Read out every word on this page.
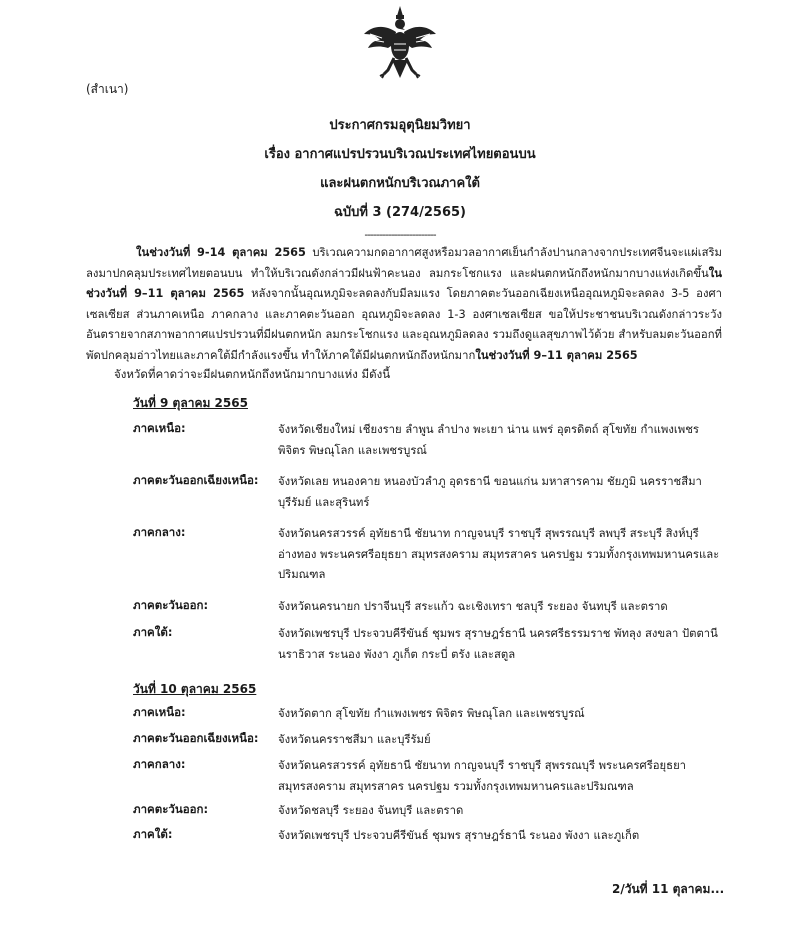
(สำเนา)
ประกาศกรมอุตุนิยมวิทยา
เรื่อง อากาศแปรปรวนบริเวณประเทศไทยตอนบน
และฝนตกหนักบริเวณภาคใต้
ฉบับที่ 3 (274/2565)
------------------------
ในช่วงวันที่ 9-14 ตุลาคม 2565 บริเวณความกดอากาศสูงหรือมวลอากาศเย็นกำลังปานกลางจากประเทศจีนจะแผ่เสริมลงมาปกคลุมประเทศไทยตอนบน ทำให้บริเวณดังกล่าวมีฝนฟ้าคะนอง ลมกระโชกแรง และฝนตกหนักถึงหนักมากบางแห่งเกิดขึ้นในช่วงวันที่ 9–11 ตุลาคม 2565 หลังจากนั้นอุณหภูมิจะลดลงกับมีลมแรง โดยภาคตะวันออกเฉียงเหนืออุณหภูมิจะลดลง 3-5 องศาเซลเซียส ส่วนภาคเหนือ ภาคกลาง และภาคตะวันออก อุณหภูมิจะลดลง 1-3 องศาเซลเซียส ขอให้ประชาชนบริเวณดังกล่าวระวังอันตรายจากสภาพอากาศแปรปรวนที่มีฝนตกหนัก ลมกระโชกแรง และอุณหภูมิลดลง รวมถึงดูแลสุขภาพไว้ด้วย สำหรับลมตะวันออกที่พัดปกคลุมอ่าวไทยและภาคใต้มีกำลังแรงขึ้น ทำให้ภาคใต้มีฝนตกหนักถึงหนักมากในช่วงวันที่ 9–11 ตุลาคม 2565
จังหวัดที่คาดว่าจะมีฝนตกหนักถึงหนักมากบางแห่ง มีดังนี้
วันที่ 9 ตุลาคม 2565
ภาคเหนือ:	จังหวัดเชียงใหม่ เชียงราย ลำพูน ลำปาง พะเยา น่าน แพร่ อุตรดิตถ์ สุโขทัย กำแพงเพชร พิจิตร พิษณุโลก และเพชรบูรณ์
ภาคตะวันออกเฉียงเหนือ: จังหวัดเลย หนองคาย หนองบัวลำภู อุดรธานี ขอนแก่น มหาสารคาม ชัยภูมิ นครราชสีมา บุรีรัมย์ และสุรินทร์
ภาคกลาง:	จังหวัดนครสวรรค์ อุทัยธานี ชัยนาท กาญจนบุรี ราชบุรี สุพรรณบุรี ลพบุรี สระบุรี สิงห์บุรี อ่างทอง พระนครศรีอยุธยา สมุทรสงคราม สมุทรสาคร นครปฐม รวมทั้งกรุงเทพมหานครและปริมณฑล
ภาคตะวันออก:	จังหวัดนครนายก ปราจีนบุรี สระแก้ว ฉะเชิงเทรา ชลบุรี ระยอง จันทบุรี และตราด
ภาคใต้:	จังหวัดเพชรบุรี ประจวบคีรีขันธ์ ชุมพร สุราษฎร์ธานี นครศรีธรรมราช พัทลุง สงขลา ปัตตานี นราธิวาส ระนอง พังงา ภูเก็ต กระบี่ ตรัง และสตูล
วันที่ 10 ตุลาคม 2565
ภาคเหนือ:	จังหวัดตาก สุโขทัย กำแพงเพชร พิจิตร พิษณุโลก และเพชรบูรณ์
ภาคตะวันออกเฉียงเหนือ: จังหวัดนครราชสีมา และบุรีรัมย์
ภาคกลาง:	จังหวัดนครสวรรค์ อุทัยธานี ชัยนาท กาญจนบุรี ราชบุรี สุพรรณบุรี พระนครศรีอยุธยา สมุทรสงคราม สมุทรสาคร นครปฐม รวมทั้งกรุงเทพมหานครและปริมณฑล
ภาคตะวันออก:	จังหวัดชลบุรี ระยอง จันทบุรี และตราด
ภาคใต้:	จังหวัดเพชรบุรี ประจวบคีรีขันธ์ ชุมพร สุราษฎร์ธานี ระนอง พังงา และภูเก็ต
2/วันที่ 11 ตุลาคม...
